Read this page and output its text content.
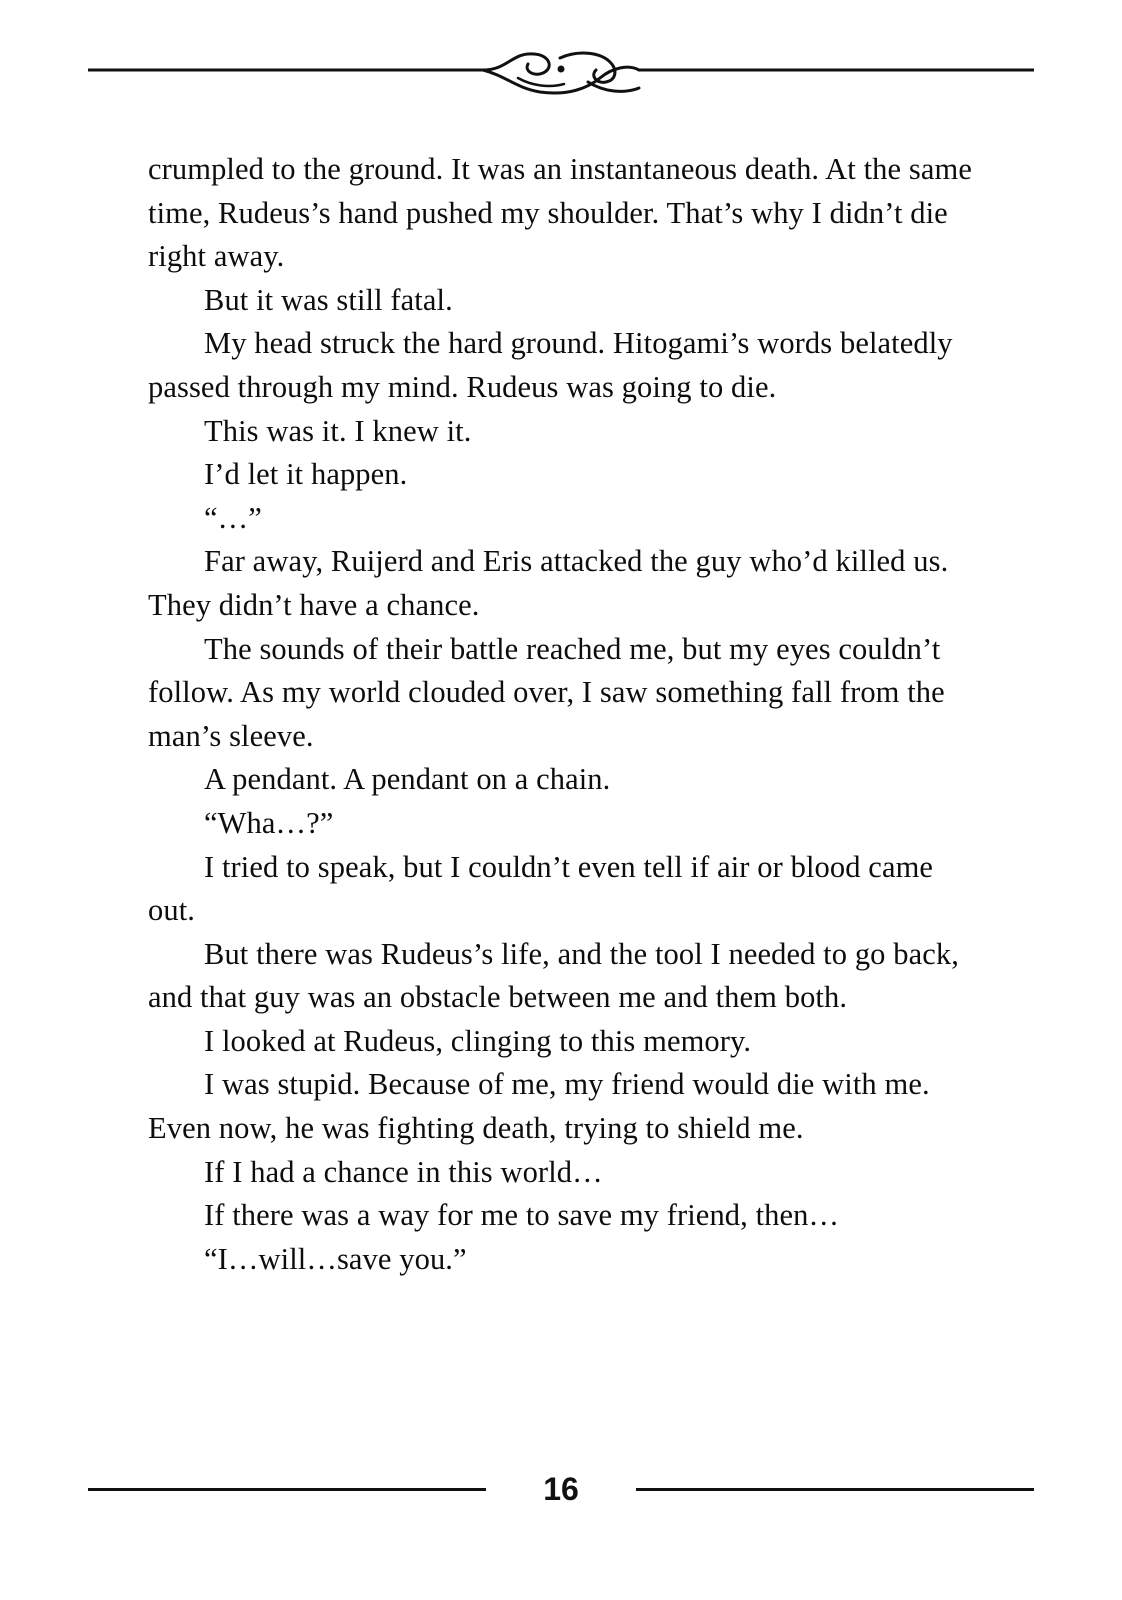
crumpled to the ground. It was an instantaneous death. At the same time, Rudeus’s hand pushed my shoulder. That’s why I didn’t die right away.

But it was still fatal.

My head struck the hard ground. Hitogami’s words belatedly passed through my mind. Rudeus was going to die.

This was it. I knew it.

I’d let it happen.

“…”

Far away, Ruijerd and Eris attacked the guy who’d killed us. They didn’t have a chance.

The sounds of their battle reached me, but my eyes couldn’t follow. As my world clouded over, I saw something fall from the man’s sleeve.

A pendant. A pendant on a chain.

“Wha…?”

I tried to speak, but I couldn’t even tell if air or blood came out.

But there was Rudeus’s life, and the tool I needed to go back, and that guy was an obstacle between me and them both.

I looked at Rudeus, clinging to this memory.

I was stupid. Because of me, my friend would die with me. Even now, he was fighting death, trying to shield me.

If I had a chance in this world…

If there was a way for me to save my friend, then…

“I…will…save you.”

16
